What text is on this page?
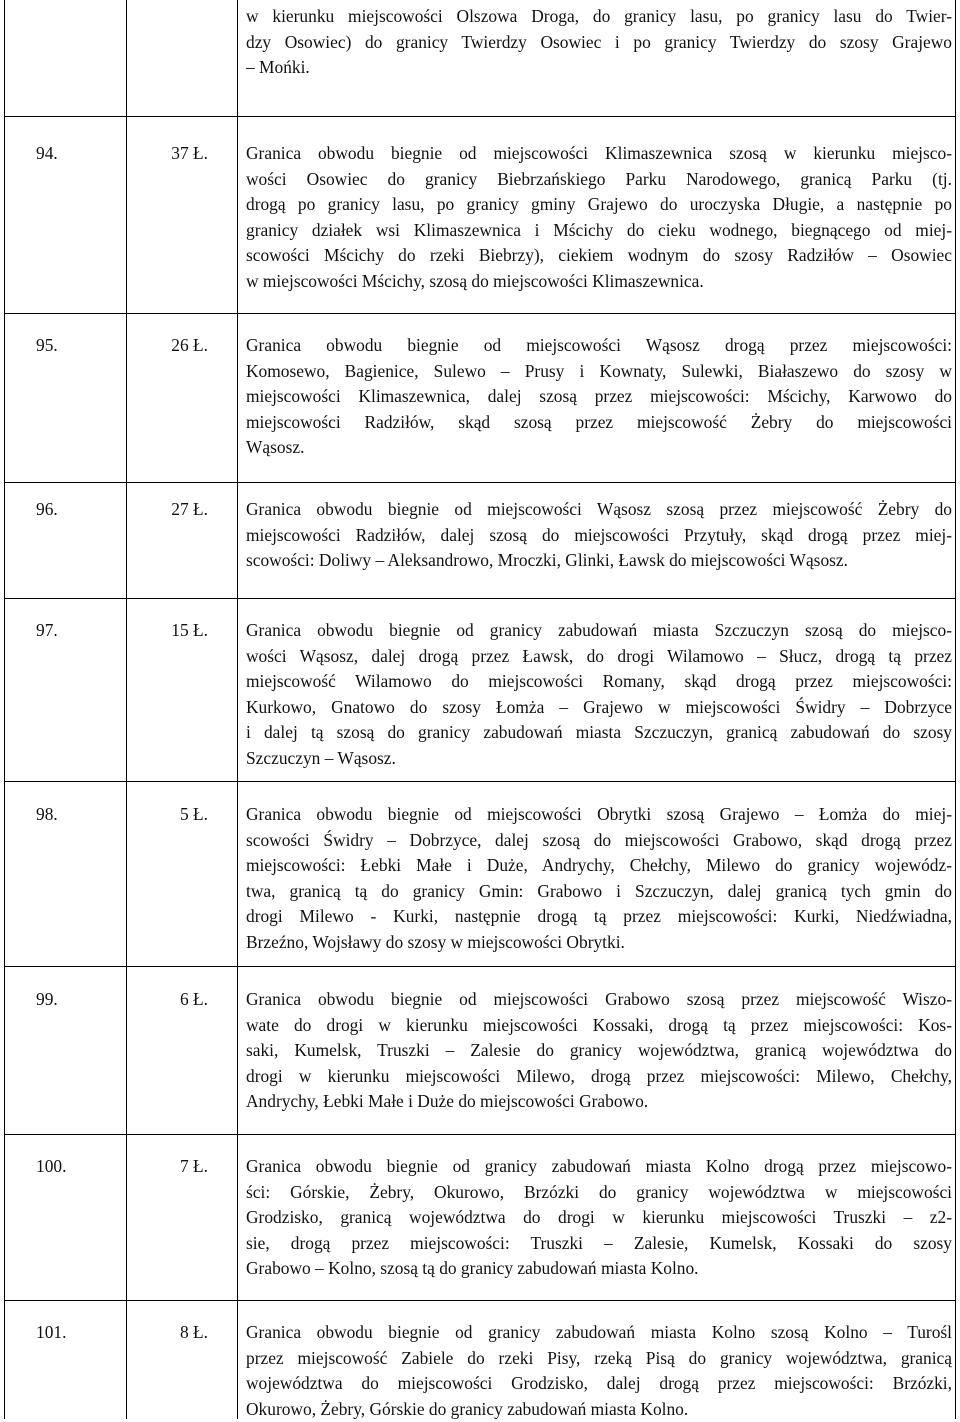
w kierunku miejscowości Olszowa Droga, do granicy lasu, po granicy lasu do Twier-
dzy Osowiec) do granicy Twierdzy Osowiec i po granicy Twierdzy do szosy Grajewo
– Mońki.
94.	37 Ł. Granica obwodu biegnie od miejscowości Klimaszewnica szosą w kierunku miejsco-
wości Osowiec do granicy Biebrzańskiego Parku Narodowego, granicą Parku (tj.
drogą po granicy lasu, po granicy gminy Grajewo do uroczyska Długie, a następnie po
granicy działek wsi Klimaszewnica i Mścichy do cieku wodnego, biegnącego od miej-
scowości Mścichy do rzeki Biebrzy), ciekiem wodnym do szosy Radziłów – Osowiec
w miejscowości Mścichy, szosą do miejscowości Klimaszewnica.
95.	26 Ł. Granica obwodu biegnie od miejscowości Wąsosz drogą przez miejscowości:
Komosewo, Bagienice, Sulewo – Prusy i Kownaty, Sulewki, Białaszewo do szosy w
miejscowości Klimaszewnica, dalej szosą przez miejscowości: Mścichy, Karwowo do
miejscowości Radziłów, skąd szosą przez miejscowość Żebry do miejscowości
Wąsosz.
96.	27 Ł. Granica obwodu biegnie od miejscowości Wąsosz szosą przez miejscowość Żebry do
miejscowości Radziłów, dalej szosą do miejscowości Przytuły, skąd drogą przez miej-
scowości: Doliwy – Aleksandrowo, Mroczki, Glinki, Ławsk do miejscowości Wąsosz.
97.	15 Ł. Granica obwodu biegnie od granicy zabudowań miasta Szczuczyn szosą do miejsco-
wości Wąsosz, dalej drogą przez Ławsk, do drogi Wilamowo – Słucz, drogą tą przez
miejscowość Wilamowo do miejscowości Romany, skąd drogą przez miejscowości:
Kurkowo, Gnatowo do szosy Łomża – Grajewo w miejscowości Świdry – Dobrzyce
i dalej tą szosą do granicy zabudowań miasta Szczuczyn, granicą zabudowań do szosy
Szczuczyn – Wąsosz.
98.	5 Ł. Granica obwodu biegnie od miejscowości Obrytki szosą Grajewo – Łomża do miej-
scowości Świdry – Dobrzyce, dalej szosą do miejscowości Grabowo, skąd drogą przez
miejscowości: Łebki Małe i Duże, Andrychy, Chełchy, Milewo do granicy wojewódz-
twa, granicą tą do granicy Gmin: Grabowo i Szczuczyn, dalej granicą tych gmin do
drogi Milewo - Kurki, następnie drogą tą przez miejscowości: Kurki, Niedźwiadna,
Brzeźno, Wojsławy do szosy w miejscowości Obrytki.
99.	6 Ł. Granica obwodu biegnie od miejscowości Grabowo szosą przez miejscowość Wiszo-
wate do drogi w kierunku miejscowości Kossaki, drogą tą przez miejscowości: Kos-
saki, Kumelsk, Truszki – Zalesie do granicy województwa, granicą województwa do
drogi w kierunku miejscowości Milewo, drogą przez miejscowości: Milewo, Chełchy,
Andrychy, Łebki Małe i Duże do miejscowości Grabowo.
100.	7 Ł. Granica obwodu biegnie od granicy zabudowań miasta Kolno drogą przez miejscowo-
ści: Górskie, Żebry, Okurowo, Brzózki do granicy województwa w miejscowości
Grodzisko, granicą województwa do drogi w kierunku miejscowości Truszki – z2-
sie, drogą przez miejscowości: Truszki – Zalesie, Kumelsk, Kossaki do szosy
Grabowo – Kolno, szosą tą do granicy zabudowań miasta Kolno.
101.	8 Ł. Granica obwodu biegnie od granicy zabudowań miasta Kolno szosą Kolno – Turośl
przez miejscowość Zabiele do rzeki Pisy, rzeką Pisą do granicy województwa, granicą
województwa do miejscowości Grodzisko, dalej drogą przez miejscowości: Brzózki,
Okurowo, Żebry, Górskie do granicy zabudowań miasta Kolno.
